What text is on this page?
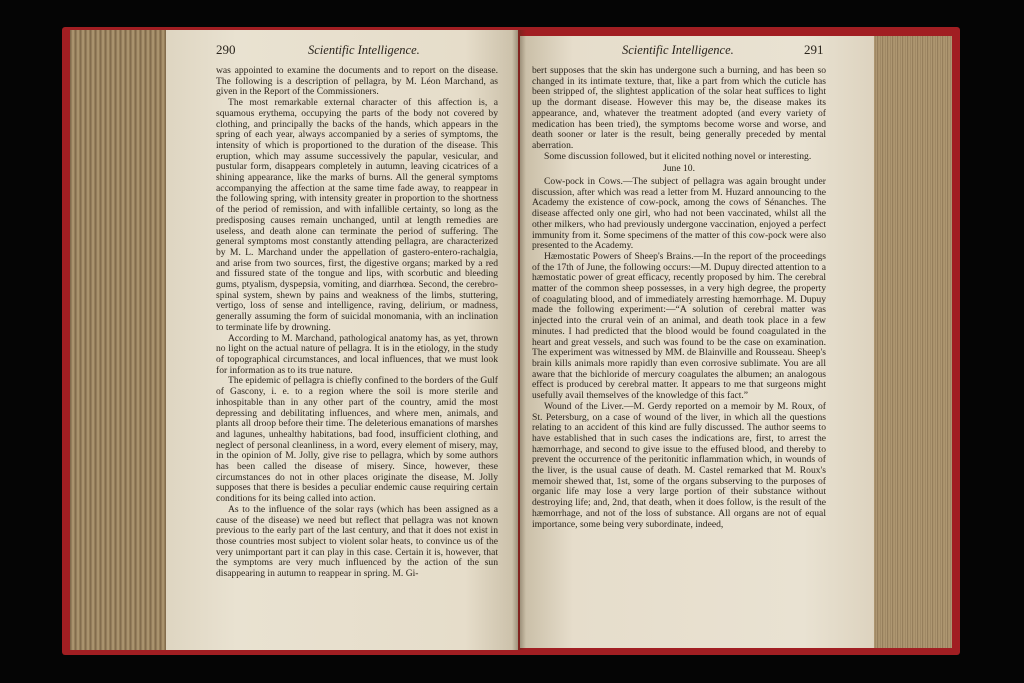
290	Scientific Intelligence.	Scientific Intelligence.	291

was appointed to examine the documents and to report on the disease. The following is a description of pellagra, by M. Léon Marchand, as given in the Report of the Commissioners.

The most remarkable external character of this affection is, a squamous erythema, occupying the parts of the body not covered by clothing, and principally the backs of the hands, which appears in the spring of each year, always accompanied by a series of symptoms, the intensity of which is proportioned to the duration of the disease. This eruption, which may assume successively the papular, vesicular, and pustular form, disappears completely in autumn, leaving cicatrices of a shining appearance, like the marks of burns. All the general symptoms accompanying the affection at the same time fade away, to reappear in the following spring, with intensity greater in proportion to the shortness of the period of remission, and with infallible certainty, so long as the predisposing causes remain unchanged, until at length remedies are useless, and death alone can terminate the period of suffering. The general symptoms most constantly attending pellagra, are characterized by M. L. Marchand under the appellation of gastero-entero-rachalgia, and arise from two sources, first, the digestive organs; marked by a red and fissured state of the tongue and lips, with scorbutic and bleeding gums, ptyalism, dyspepsia, vomiting, and diarrhœa. Second, the cerebro-spinal system, shewn by pains and weakness of the limbs, stuttering, vertigo, loss of sense and intelligence, raving, delirium, or madness, generally assuming the form of suicidal monomania, with an inclination to terminate life by drowning.

According to M. Marchand, pathological anatomy has, as yet, thrown no light on the actual nature of pellagra. It is in the etiology, in the study of topographical circumstances, and local influences, that we must look for information as to its true nature.

The epidemic of pellagra is chiefly confined to the borders of the Gulf of Gascony, i. e. to a region where the soil is more sterile and inhospitable than in any other part of the country, amid the most depressing and debilitating influences, and where men, animals, and plants all droop before their time. The deleterious emanations of marshes and lagunes, unhealthy habitations, bad food, insufficient clothing, and neglect of personal cleanliness, in a word, every element of misery, may, in the opinion of M. Jolly, give rise to pellagra, which by some authors has been called the disease of misery. Since, however, these circumstances do not in other places originate the disease, M. Jolly supposes that there is besides a peculiar endemic cause requiring certain conditions for its being called into action.

As to the influence of the solar rays (which has been assigned as a cause of the disease) we need but reflect that pellagra was not known previous to the early part of the last century, and that it does not exist in those countries most subject to violent solar heats, to convince us of the very unimportant part it can play in this case. Certain it is, however, that the symptoms are very much influenced by the action of the sun disappearing in autumn to reappear in spring. M. Gi-

bert supposes that the skin has undergone such a burning, and has been so changed in its intimate texture, that, like a part from which the cuticle has been stripped of, the slightest application of the solar heat suffices to light up the dormant disease. However this may be, the disease makes its appearance, and, whatever the treatment adopted (and every variety of medication has been tried), the symptoms become worse and worse, and death sooner or later is the result, being generally preceded by mental aberration.

Some discussion followed, but it elicited nothing novel or interesting.

June 10.

Cow-pock in Cows.—The subject of pellagra was again brought under discussion, after which was read a letter from M. Huzard announcing to the Academy the existence of cow-pock, among the cows of Sénanches. The disease affected only one girl, who had not been vaccinated, whilst all the other milkers, who had previously undergone vaccination, enjoyed a perfect immunity from it. Some specimens of the matter of this cow-pock were also presented to the Academy.

Hæmostatic Powers of Sheep's Brains.—In the report of the proceedings of the 17th of June, the following occurs:—M. Dupuy directed attention to a hæmostatic power of great efficacy, recently proposed by him. The cerebral matter of the common sheep possesses, in a very high degree, the property of coagulating blood, and of immediately arresting hæmorrhage. M. Dupuy made the following experiment:—“A solution of cerebral matter was injected into the crural vein of an animal, and death took place in a few minutes. I had predicted that the blood would be found coagulated in the heart and great vessels, and such was found to be the case on examination. The experiment was witnessed by MM. de Blainville and Rousseau. Sheep's brain kills animals more rapidly than even corrosive sublimate. You are all aware that the bichloride of mercury coagulates the albumen; an analogous effect is produced by cerebral matter. It appears to me that surgeons might usefully avail themselves of the knowledge of this fact.”

Wound of the Liver.—M. Gerdy reported on a memoir by M. Roux, of St. Petersburg, on a case of wound of the liver, in which all the questions relating to an accident of this kind are fully discussed. The author seems to have established that in such cases the indications are, first, to arrest the hæmorrhage, and second to give issue to the effused blood, and thereby to prevent the occurrence of the peritonitic inflammation which, in wounds of the liver, is the usual cause of death. M. Castel remarked that M. Roux's memoir shewed that, 1st, some of the organs subserving to the purposes of organic life may lose a very large portion of their substance without destroying life; and, 2nd, that death, when it does follow, is the result of the hæmorrhage, and not of the loss of substance. All organs are not of equal importance, some being very subordinate, indeed,
